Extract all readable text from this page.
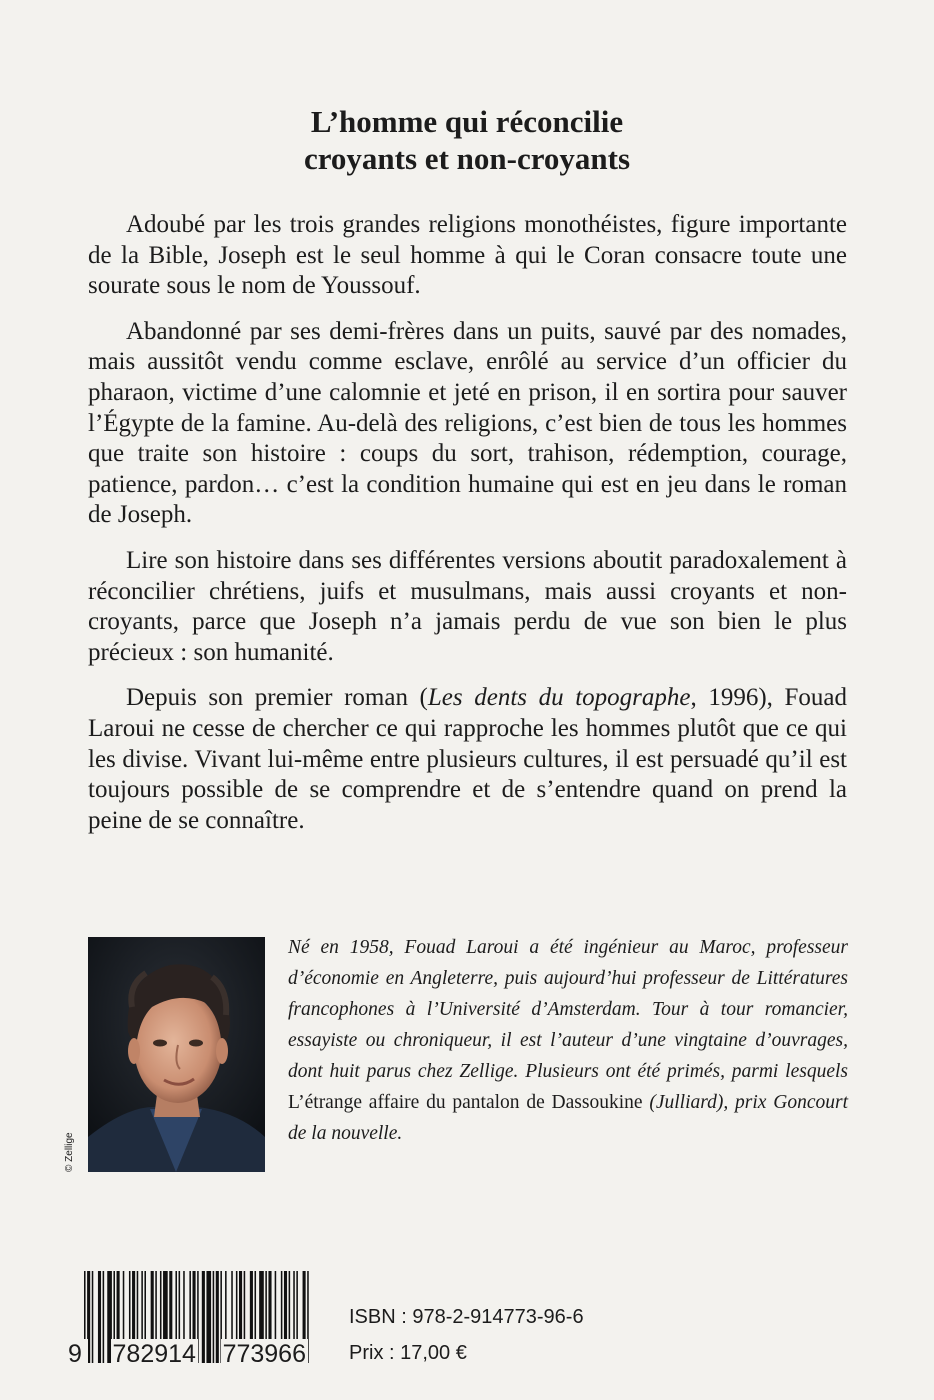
L’homme qui réconcilie
croyants et non-croyants

Adoubé par les trois grandes religions monothéistes, figure importante de la Bible, Joseph est le seul homme à qui le Coran consacre toute une sourate sous le nom de Youssouf.

Abandonné par ses demi-frères dans un puits, sauvé par des nomades, mais aussitôt vendu comme esclave, enrôlé au service d’un officier du pharaon, victime d’une calomnie et jeté en prison, il en sortira pour sauver l’Égypte de la famine. Au-delà des religions, c’est bien de tous les hommes que traite son histoire : coups du sort, trahison, rédemption, courage, patience, pardon… c’est la condition humaine qui est en jeu dans le roman de Joseph.

Lire son histoire dans ses différentes versions aboutit paradoxalement à réconcilier chrétiens, juifs et musulmans, mais aussi croyants et non-croyants, parce que Joseph n’a jamais perdu de vue son bien le plus précieux : son humanité.

Depuis son premier roman (Les dents du topographe, 1996), Fouad Laroui ne cesse de chercher ce qui rapproche les hommes plutôt que ce qui les divise. Vivant lui-même entre plusieurs cultures, il est persuadé qu’il est toujours possible de se comprendre et de s’entendre quand on prend la peine de se connaître.

© Zellige
Né en 1958, Fouad Laroui a été ingénieur au Maroc, professeur d’économie en Angleterre, puis aujourd’hui professeur de Littératures francophones à l’Université d’Amsterdam. Tour à tour romancier, essayiste ou chroniqueur, il est l’auteur d’une vingtaine d’ouvrages, dont huit parus chez Zellige. Plusieurs ont été primés, parmi lesquels L’étrange affaire du pantalon de Dassoukine (Julliard), prix Goncourt de la nouvelle.
9 782914 773966
ISBN : 978-2-914773-96-6
Prix : 17,00 €
